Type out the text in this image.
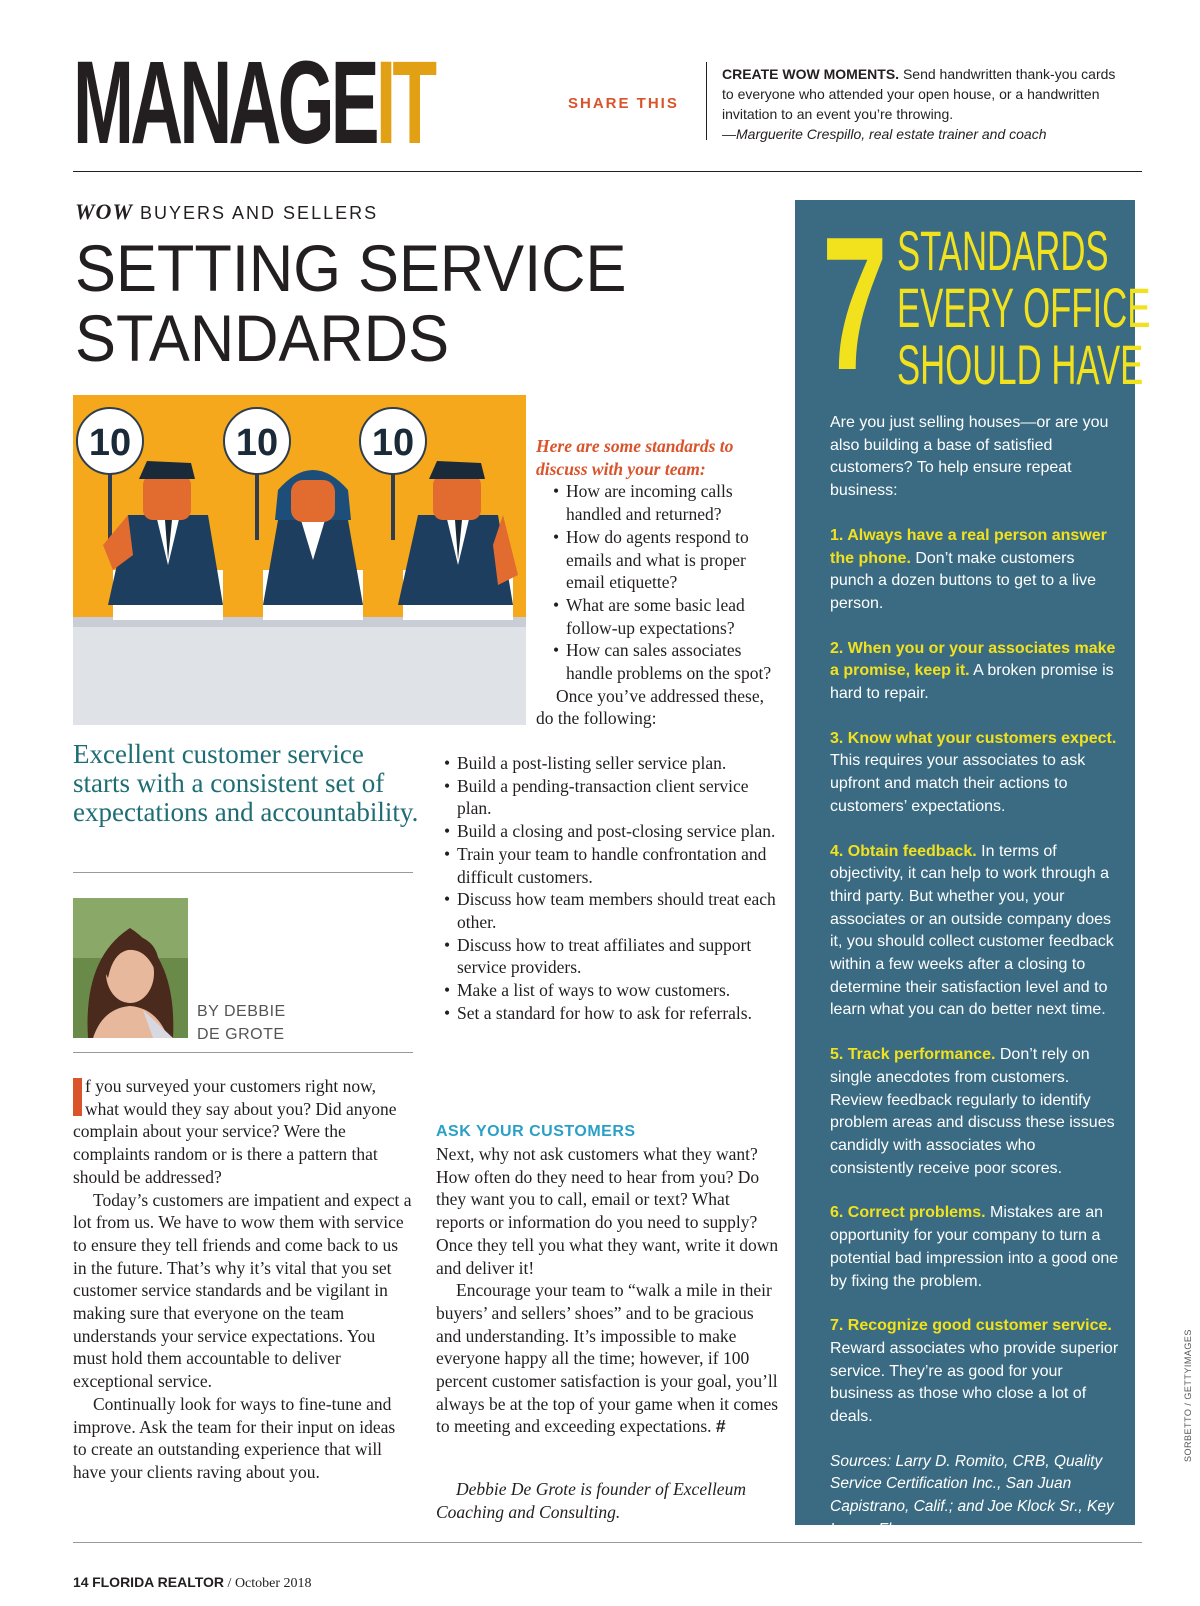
MANAGEIT	SHARE THIS
CREATE WOW MOMENTS. Send handwritten thank-you cards to everyone who attended your open house, or a handwritten invitation to an event you’re throwing.
—Marguerite Crespillo, real estate trainer and coach
WOW BUYERS AND SELLERS
SETTING SERVICE
STANDARDS
10	10 10
Excellent customer service starts with a consistent set of expectations and accountability.
BY DEBBIE
DE GROTE

f you surveyed your customers right now, what would they say about you? Did anyone complain about your service? Were the complaints random or is there a pattern that should be addressed?

Today’s customers are impatient and expect a lot from us. We have to wow them with service to ensure they tell friends and come back to us in the future. That’s why it’s vital that you set customer service standards and be vigilant in making sure that everyone on the team understands your service expectations. You must hold them accountable to deliver exceptional service.

Continually look for ways to fine-tune and improve. Ask the team for their input on ideas to create an outstanding experience that will have your clients raving about you.

Here are some standards to discuss with your team:

• How are incoming calls handled and returned?
• How do agents respond to emails and what is proper email etiquette?
• What are some basic lead follow-up expectations?
• How can sales associates handle problems on the spot?

Once you’ve addressed these, do the following:

• Build a post-listing seller service plan.
• Build a pending-transaction client service plan.
• Build a closing and post-closing service plan.
• Train your team to handle confrontation and difficult customers.
• Discuss how team members should treat each other.
• Discuss how to treat affiliates and support service providers.
• Make a list of ways to wow customers.
• Set a standard for how to ask for referrals.
ASK YOUR CUSTOMERS

Next, why not ask customers what they want? How often do they need to hear from you? Do they want you to call, email or text? What reports or information do you need to supply? Once they tell you what they want, write it down and deliver it!

Encourage your team to “walk a mile in their buyers’ and sellers’ shoes” and to be gracious and understanding. It’s impossible to make everyone happy all the time; however, if 100 percent customer satisfaction is your goal, you’ll always be at the top of your game when it comes to meeting and exceeding expectations. #

Debbie De Grote is founder of Excelleum Coaching and Consulting.
7 STANDARDS
EVERY OFFICE
SHOULD HAVE

Are you just selling houses—or are you also building a base of satisfied customers? To help ensure repeat business:

1. Always have a real person answer the phone. Don’t make customers punch a dozen buttons to get to a live person.

2. When you or your associates make a promise, keep it. A broken promise is hard to repair.

3. Know what your customers expect. This requires your associates to ask upfront and match their actions to customers’ expectations.

4. Obtain feedback. In terms of objectivity, it can help to work through a third party. But whether you, your associates or an outside company does it, you should collect customer feedback within a few weeks after a closing to determine their satisfaction level and to learn what you can do better next time.

5. Track performance. Don’t rely on single anecdotes from customers. Review feedback regularly to identify problem areas and discuss these issues candidly with associates who consistently receive poor scores.

6. Correct problems. Mistakes are an opportunity for your company to turn a potential bad impression into a good one by fixing the problem.

7. Recognize good customer service. Reward associates who provide superior service. They’re as good for your business as those who close a lot of deals.

Sources: Larry D. Romito, CRB, Quality Service Certification Inc., San Juan Capistrano, Calif.; and Joe Klock Sr., Key Largo, Fla.

SORBETTO / GETTYIMAGES
14 FLORIDA REALTOR / October 2018
